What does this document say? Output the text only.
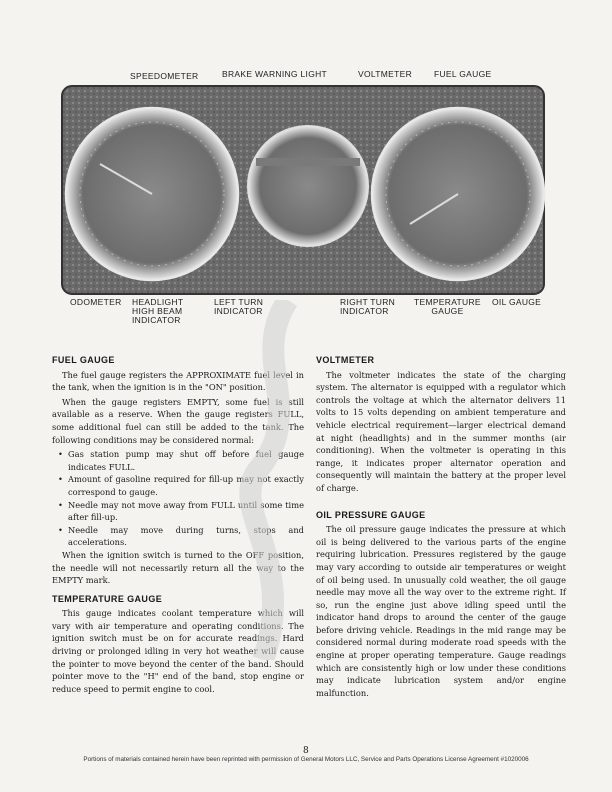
SPEEDOMETER	BRAKE WARNING LIGHT	VOLTMETER	FUEL GAUGE
ODOMETER HEADLIGHT
HIGH BEAM
INDICATOR
LEFT TURN
INDICATOR
RIGHT TURN
INDICATOR
TEMPERATURE
GAUGE
OIL GAUGE
FUEL GAUGE

The fuel gauge registers the APPROXIMATE fuel level in the tank, when the ignition is in the "ON" position.

When the gauge registers EMPTY, some fuel is still available as a reserve. When the gauge registers FULL, some additional fuel can still be added to the tank. The following conditions may be considered normal:

• Gas station pump may shut off before fuel gauge indicates FULL.
• Amount of gasoline required for fill-up may not exactly correspond to gauge.
• Needle may not move away from FULL until some time after fill-up.
• Needle may move during turns, stops and accelerations.

When the ignition switch is turned to the OFF position, the needle will not necessarily return all the way to the EMPTY mark.

TEMPERATURE GAUGE

This gauge indicates coolant temperature which will vary with air temperature and operating conditions. The ignition switch must be on for accurate readings. Hard driving or prolonged idling in very hot weather will cause the pointer to move beyond the center of the band. Should pointer move to the "H" end of the band, stop engine or reduce speed to permit engine to cool.

VOLTMETER

The voltmeter indicates the state of the charging system. The alternator is equipped with a regulator which controls the voltage at which the alternator delivers 11 volts to 15 volts depending on ambient temperature and vehicle electrical requirement—larger electrical demand at night (headlights) and in the summer months (air conditioning). When the voltmeter is operating in this range, it indicates proper alternator operation and consequently will maintain the battery at the proper level of charge.

OIL PRESSURE GAUGE

The oil pressure gauge indicates the pressure at which oil is being delivered to the various parts of the engine requiring lubrication. Pressures registered by the gauge may vary according to outside air temperatures or weight of oil being used. In unusually cold weather, the oil gauge needle may move all the way over to the extreme right. If so, run the engine just above idling speed until the indicator hand drops to around the center of the gauge before driving vehicle. Readings in the mid range may be considered normal during moderate road speeds with the engine at proper operating temperature. Gauge readings which are consistently high or low under these conditions may indicate lubrication system and/or engine malfunction.

8
Portions of materials contained herein have been reprinted with permission of General Motors LLC, Service and Parts Operations License Agreement #1020006
